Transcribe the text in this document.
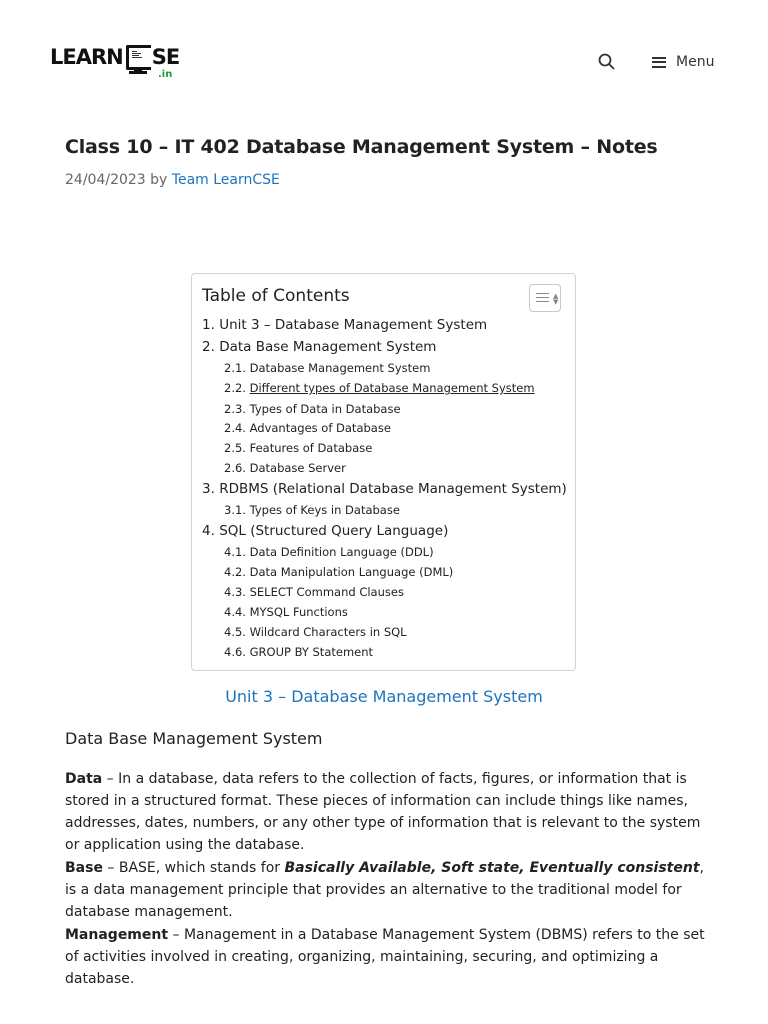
LEARN SE
.in
Menu
Class 10 – IT 402 Database Management System – Notes
24/04/2023 by Team LearnCSE
Table of Contents	▲
▼
1. Unit 3 – Database Management System
2. Data Base Management System
2.1. Database Management System
2.2. Different types of Database Management System
2.3. Types of Data in Database
2.4. Advantages of Database
2.5. Features of Database
2.6. Database Server
3. RDBMS (Relational Database Management System)
3.1. Types of Keys in Database
4. SQL (Structured Query Language)
4.1. Data Definition Language (DDL)
4.2. Data Manipulation Language (DML)
4.3. SELECT Command Clauses
4.4. MYSQL Functions
4.5. Wildcard Characters in SQL
4.6. GROUP BY Statement
Unit 3 – Database Management System
Data Base Management System
Data – In a database, data refers to the collection of facts, figures, or information that is stored in a structured format. These pieces of information can include things like names, addresses, dates, numbers, or any other type of information that is relevant to the system or application using the database.
Base – BASE, which stands for Basically Available, Soft state, Eventually consistent, is a data management principle that provides an alternative to the traditional model for database management.
Management – Management in a Database Management System (DBMS) refers to the set of activities involved in creating, organizing, maintaining, securing, and optimizing a database.
